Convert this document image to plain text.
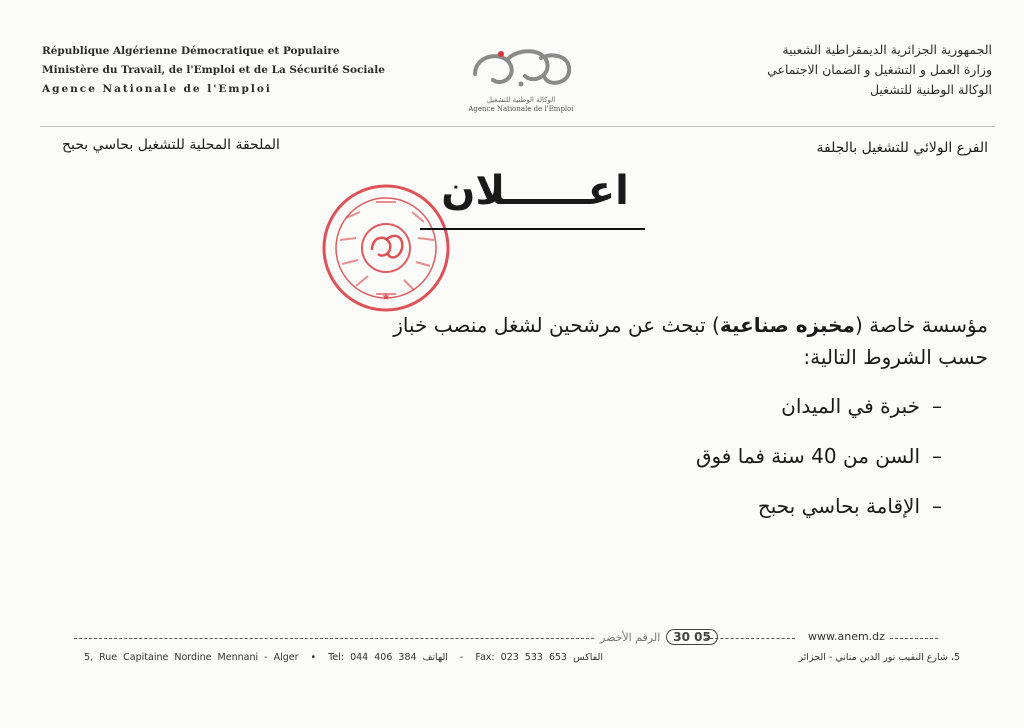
République Algérienne Démocratique et Populaire
Ministère du Travail, de l'Emploi et de La Sécurité Sociale
Agence Nationale de l'Emploi
الوكالة الوطنية للتشغيل
Agence Nationale de l'Emploi
الجمهورية الجزائرية الديمقراطية الشعبية
وزارة العمل و التشغيل و الضمان الاجتماعي
الوكالة الوطنية للتشغيل
الملحقة المحلية للتشغيل بحاسي بحبح	الفرع الولائي للتشغيل بالجلفة
★
اعــــــلان
مؤسسة خاصة (مخبزه صناعية) تبحث عن مرشحين لشغل منصب خباز
حسب الشروط التالية:
–خبرة في الميدان
–السن من 40 سنة فما فوق
–الإقامة بحاسي بحبح
30 05الرقم الأخضر	www.anem.dz
5, Rue Capitaine Nordine Mennani - Alger  •  Tel: 044 406 384 الهاتف  -  Fax: 023 533 653 الفاكس	5، شارع النقيب نور الدين مناني - الجزائر
